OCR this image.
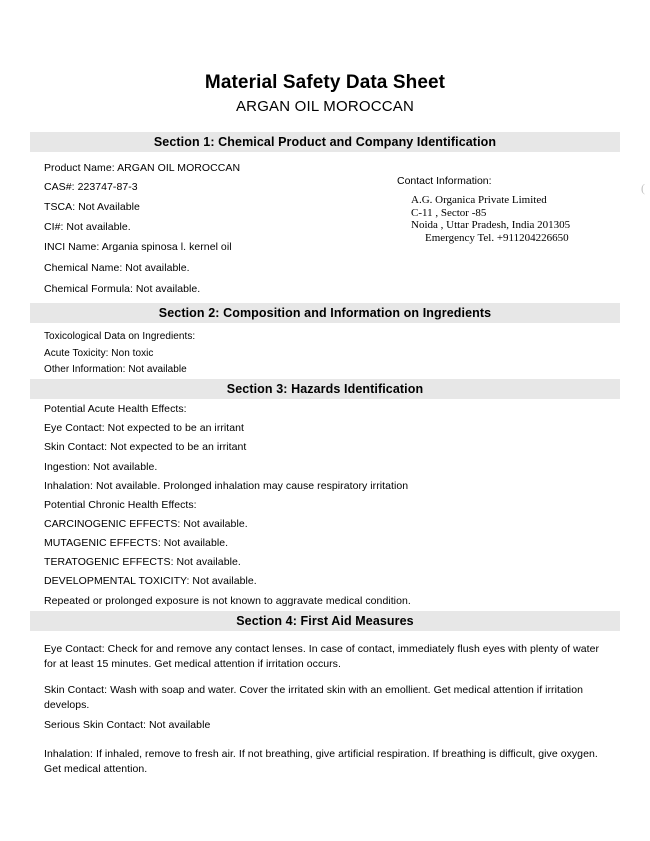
Material Safety Data Sheet
ARGAN OIL MOROCCAN
(
Section 1: Chemical Product and Company Identification
Product Name: ARGAN OIL MOROCCAN
CAS#: 223747-87-3
TSCA: Not Available
CI#: Not available.
INCI Name: Argania spinosa l. kernel oil
Chemical Name: Not available.
Chemical Formula: Not available.
Contact Information:
A.G. Organica Private Limited
C-11 , Sector -85
Noida , Uttar Pradesh, India 201305

Emergency Tel. +911204226650
Section 2: Composition and Information on Ingredients
Toxicological Data on Ingredients:
Acute Toxicity: Non toxic
Other Information: Not available
Section 3: Hazards Identification
Potential Acute Health Effects:
Eye Contact: Not expected to be an irritant
Skin Contact: Not expected to be an irritant
Ingestion: Not available.
Inhalation: Not available. Prolonged inhalation may cause respiratory irritation
Potential Chronic Health Effects:
CARCINOGENIC EFFECTS: Not available.
MUTAGENIC EFFECTS: Not available.
TERATOGENIC EFFECTS: Not available.
DEVELOPMENTAL TOXICITY: Not available.
Repeated or prolonged exposure is not known to aggravate medical condition.
Section 4: First Aid Measures
Eye Contact: Check for and remove any contact lenses. In case of contact, immediately flush eyes with plenty of water for at least 15 minutes. Get medical attention if irritation occurs.
Skin Contact: Wash with soap and water. Cover the irritated skin with an emollient. Get medical attention if irritation develops.
Serious Skin Contact: Not available
Inhalation: If inhaled, remove to fresh air. If not breathing, give artificial respiration. If breathing is difficult, give oxygen. Get medical attention.
